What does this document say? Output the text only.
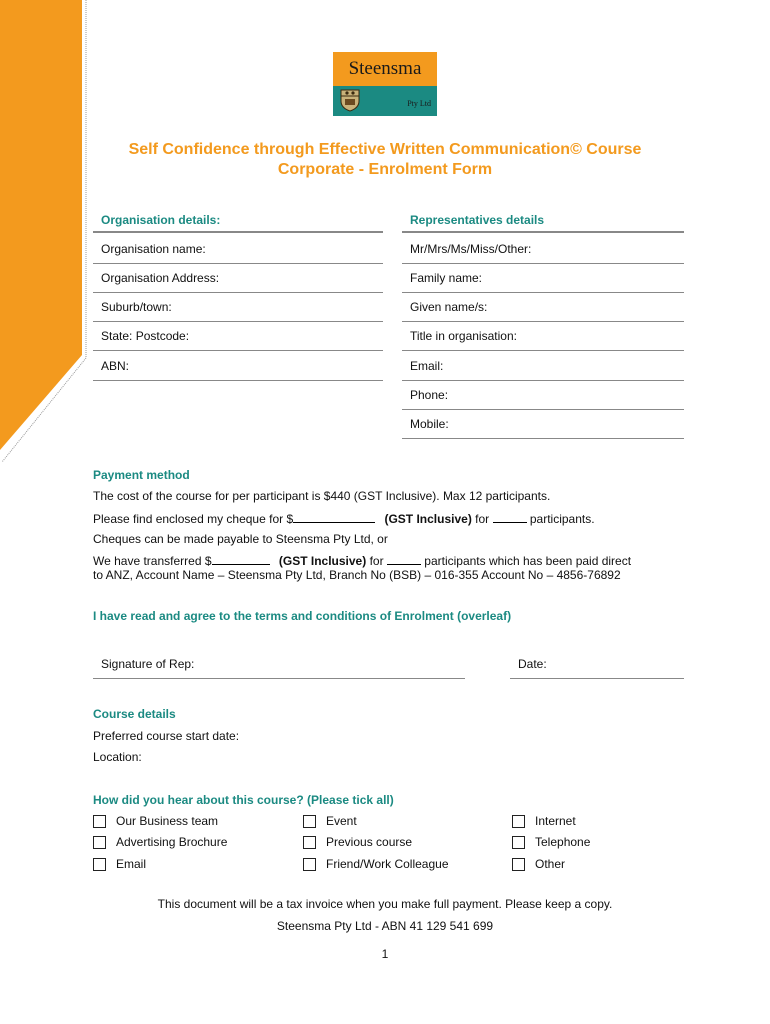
Steensma
Pty Ltd
Self Confidence through Effective Written Communication© Course
Corporate - Enrolment Form
Organisation details:
Organisation name:
Organisation Address:
Suburb/town:
State: Postcode:
ABN:
Representatives details
Mr/Mrs/Ms/Miss/Other:
Family name:
Given name/s:
Title in organisation:
Email:
Phone:
Mobile:
Payment method
The cost of the course for per participant is $440 (GST Inclusive). Max 12 participants.
Please find enclosed my cheque for $	(GST Inclusive) for	participants.
Cheques can be made payable to Steensma Pty Ltd, or
We have transferred $	(GST Inclusive) for	participants which has been paid direct
to ANZ, Account Name – Steensma Pty Ltd, Branch No (BSB) – 016-355 Account No – 4856-76892
I have read and agree to the terms and conditions of Enrolment (overleaf)
Signature of Rep:	Date:
Course details
Preferred course start date:
Location:
How did you hear about this course? (Please tick all)
Our Business team
Advertising Brochure
Email
Event
Previous course
Friend/Work Colleague
Internet
Telephone
Other
This document will be a tax invoice when you make full payment. Please keep a copy.
Steensma Pty Ltd - ABN 41 129 541 699
1
